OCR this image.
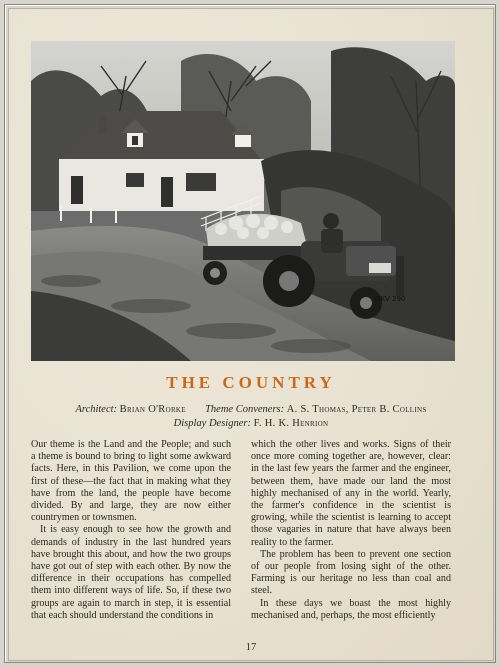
GKV 290
THE COUNTRY
Architect: Brian O'Rorke Theme Conveners: A. S. Thomas, Peter B. Collins
Display Designer: F. H. K. Henrion

Our theme is the Land and the People; and such a theme is bound to bring to light some awkward facts. Here, in this Pavilion, we come upon the first of these—the fact that in making what they have from the land, the people have become divided. By and large, they are now either countrymen or townsmen.

It is easy enough to see how the growth and demands of industry in the last hundred years have brought this about, and how the two groups have got out of step with each other. By now the difference in their occupations has compelled them into different ways of life. So, if these two groups are again to march in step, it is essential that each should understand the conditions in

which the other lives and works. Signs of their once more coming together are, however, clear: in the last few years the farmer and the engineer, between them, have made our land the most highly mechanised of any in the world. Yearly, the farmer's confidence in the scientist is growing, while the scientist is learning to accept those vagaries in nature that have always been reality to the farmer.

The problem has been to prevent one section of our people from losing sight of the other. Farming is our heritage no less than coal and steel.

In these days we boast the most highly mechanised and, perhaps, the most efficiently

17
